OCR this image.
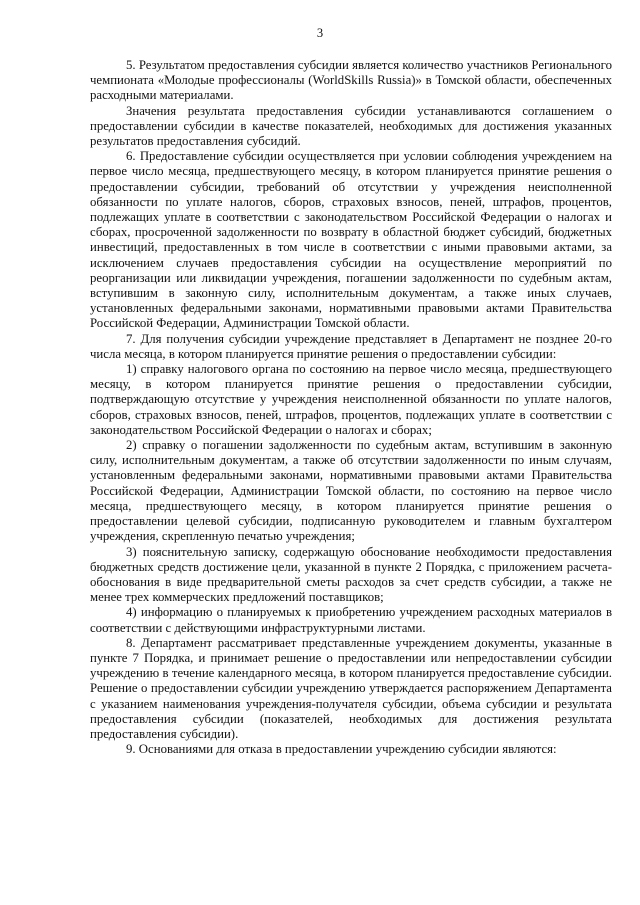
3

5. Результатом предоставления субсидии является количество участников Регионального чемпионата «Молодые профессионалы (WorldSkills Russia)» в Томской области, обеспеченных расходными материалами.

Значения результата предоставления субсидии устанавливаются соглашением о предоставлении субсидии в качестве показателей, необходимых для достижения указанных результатов предоставления субсидий.

6. Предоставление субсидии осуществляется при условии соблюдения учреждением на первое число месяца, предшествующего месяцу, в котором планируется принятие решения о предоставлении субсидии, требований об отсутствии у учреждения неисполненной обязанности по уплате налогов, сборов, страховых взносов, пеней, штрафов, процентов, подлежащих уплате в соответствии с законодательством Российской Федерации о налогах и сборах, просроченной задолженности по возврату в областной бюджет субсидий, бюджетных инвестиций, предоставленных в том числе в соответствии с иными правовыми актами, за исключением случаев предоставления субсидии на осуществление мероприятий по реорганизации или ликвидации учреждения, погашении задолженности по судебным актам, вступившим в законную силу, исполнительным документам, а также иных случаев, установленных федеральными законами, нормативными правовыми актами Правительства Российской Федерации, Администрации Томской области.

7. Для получения субсидии учреждение представляет в Департамент не позднее 20-го числа месяца, в котором планируется принятие решения о предоставлении субсидии:

1) справку налогового органа по состоянию на первое число месяца, предшествующего месяцу, в котором планируется принятие решения о предоставлении субсидии, подтверждающую отсутствие у учреждения неисполненной обязанности по уплате налогов, сборов, страховых взносов, пеней, штрафов, процентов, подлежащих уплате в соответствии с законодательством Российской Федерации о налогах и сборах;

2) справку о погашении задолженности по судебным актам, вступившим в законную силу, исполнительным документам, а также об отсутствии задолженности по иным случаям, установленным федеральными законами, нормативными правовыми актами Правительства Российской Федерации, Администрации Томской области, по состоянию на первое число месяца, предшествующего месяцу, в котором планируется принятие решения о предоставлении целевой субсидии, подписанную руководителем и главным бухгалтером учреждения, скрепленную печатью учреждения;

3) пояснительную записку, содержащую обоснование необходимости предоставления бюджетных средств достижение цели, указанной в пункте 2 Порядка, с приложением расчета-обоснования в виде предварительной сметы расходов за счет средств субсидии, а также не менее трех коммерческих предложений поставщиков;

4) информацию о планируемых к приобретению учреждением расходных материалов в соответствии с действующими инфраструктурными листами.

8. Департамент рассматривает представленные учреждением документы, указанные в пункте 7 Порядка, и принимает решение о предоставлении или непредоставлении субсидии учреждению в течение календарного месяца, в котором планируется предоставление субсидии. Решение о предоставлении субсидии учреждению утверждается распоряжением Департамента с указанием наименования учреждения-получателя субсидии, объема субсидии и результата предоставления субсидии (показателей, необходимых для достижения результата предоставления субсидии).

9. Основаниями для отказа в предоставлении учреждению субсидии являются:
